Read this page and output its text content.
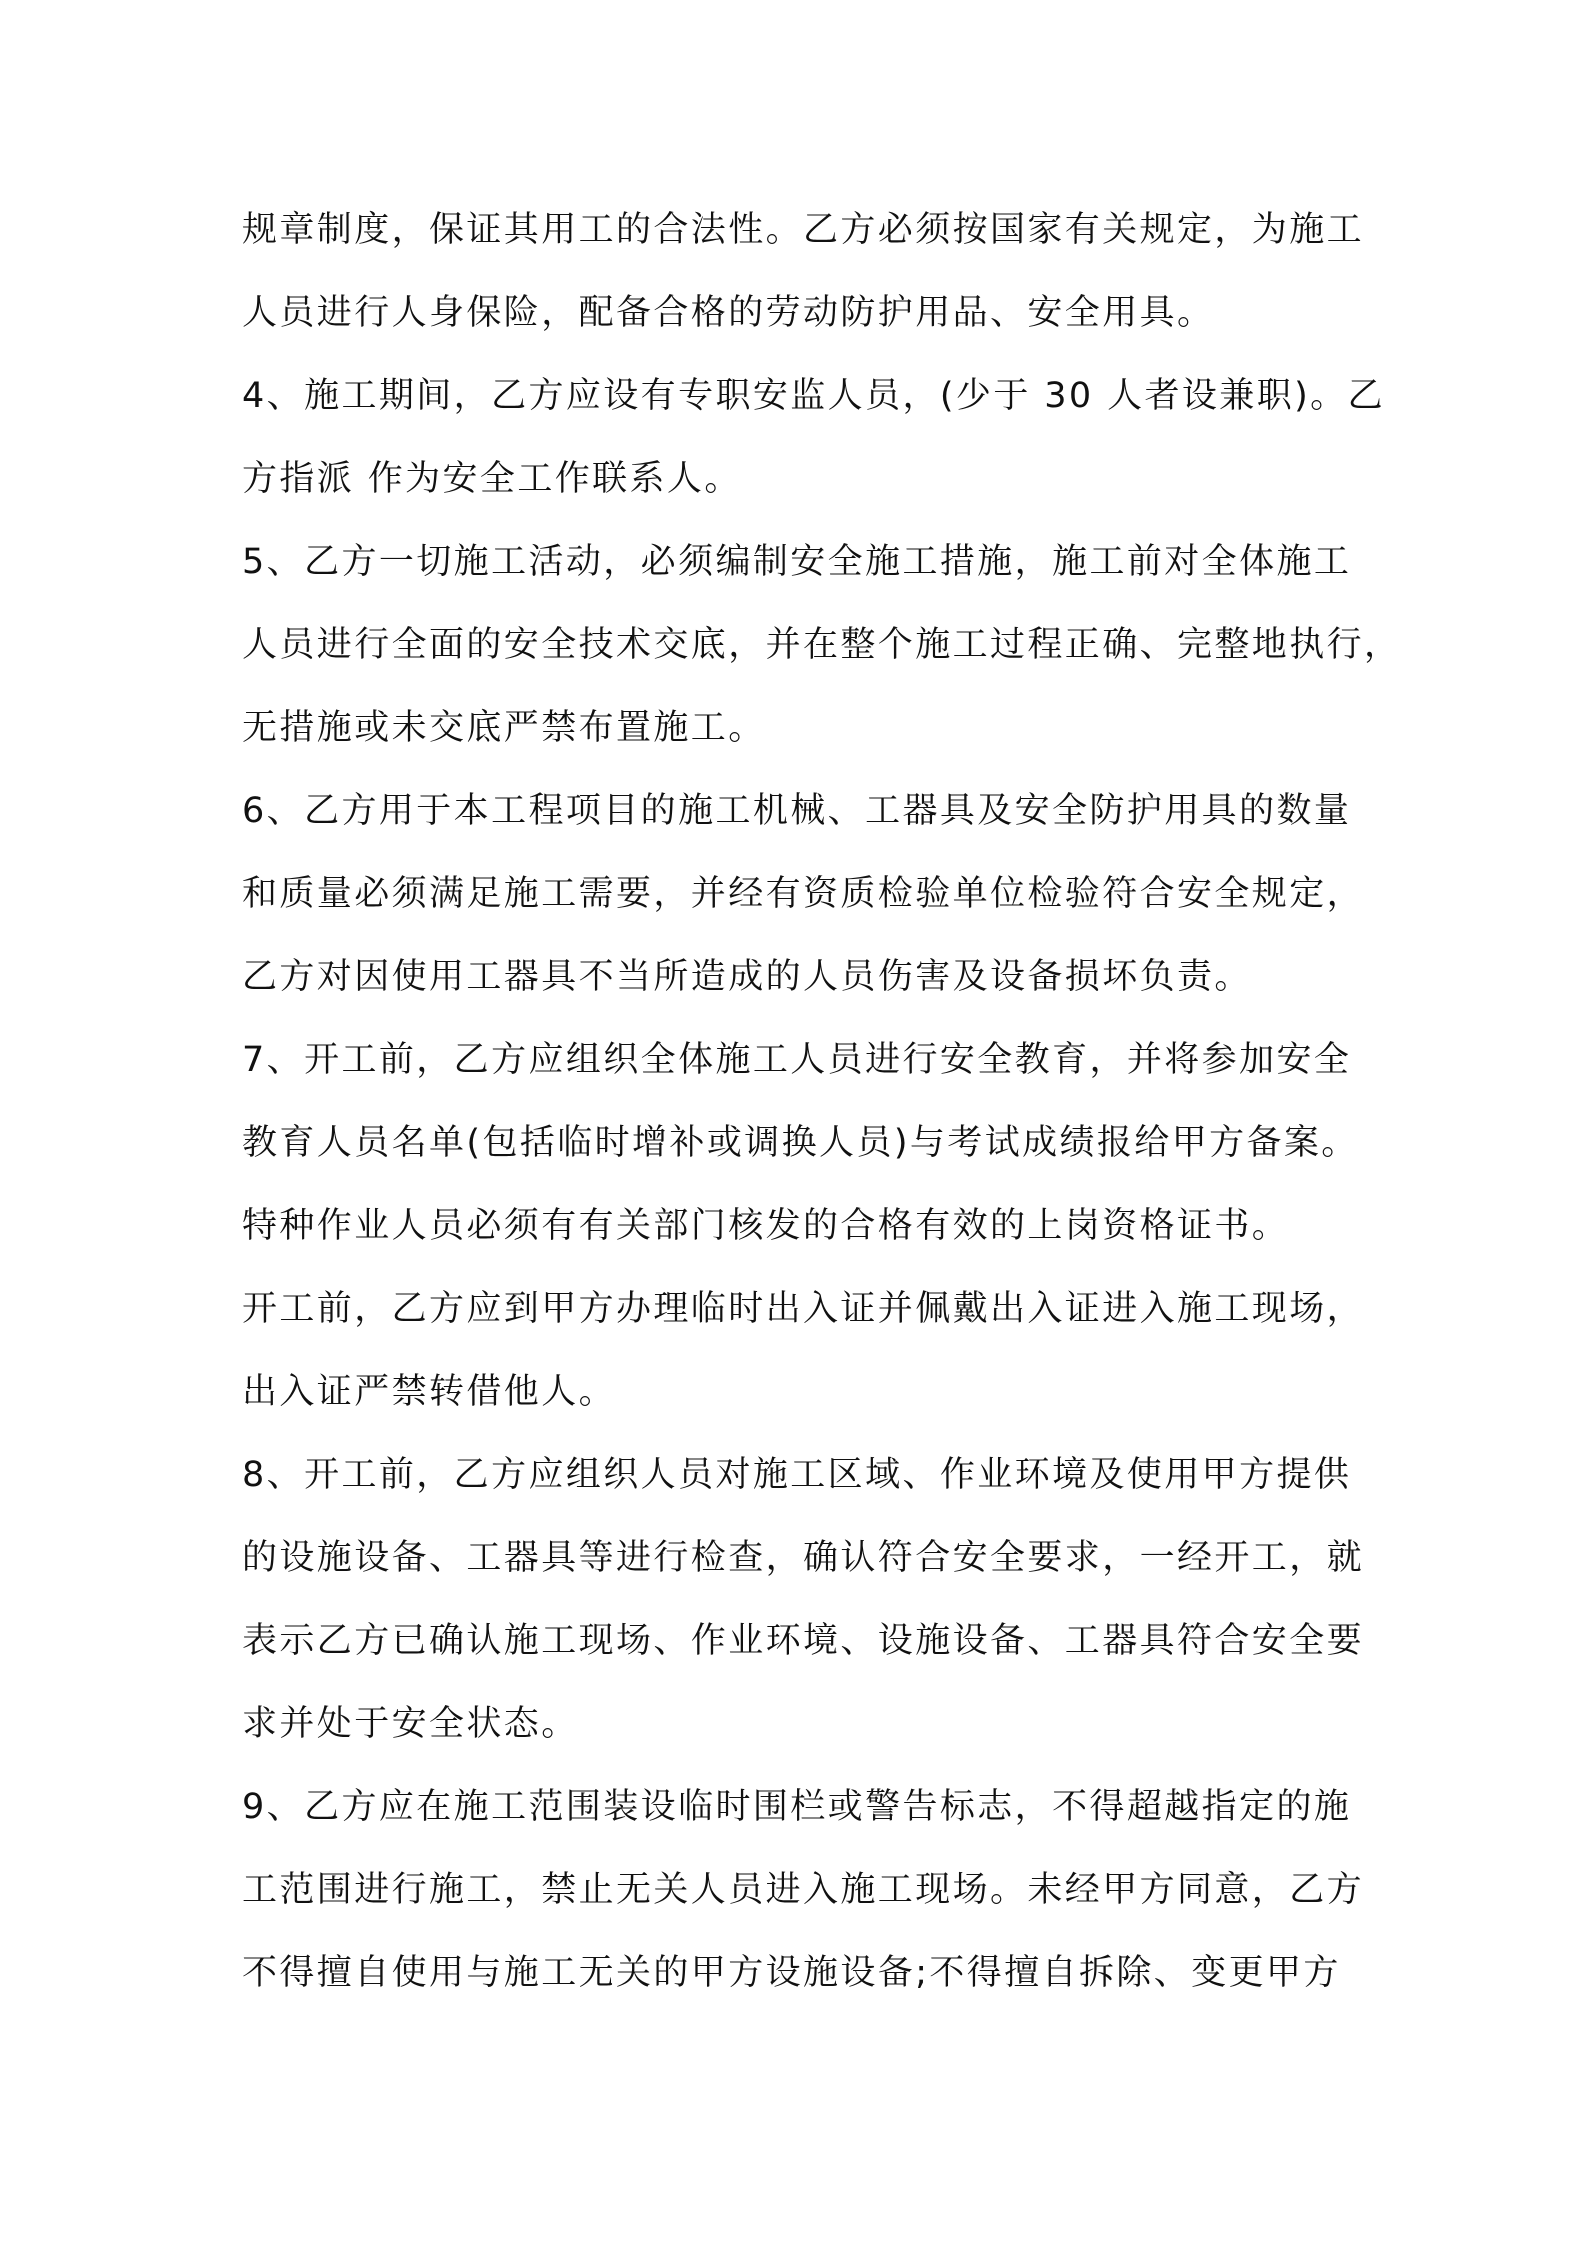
规章制度，保证其用工的合法性。乙方必须按国家有关规定，为施工
人员进行人身保险，配备合格的劳动防护用品、安全用具。
4、施工期间，乙方应设有专职安监人员，(少于 30 人者设兼职)。乙
方指派 作为安全工作联系人。
5、乙方一切施工活动，必须编制安全施工措施，施工前对全体施工
人员进行全面的安全技术交底，并在整个施工过程正确、完整地执行，
无措施或未交底严禁布置施工。
6、乙方用于本工程项目的施工机械、工器具及安全防护用具的数量
和质量必须满足施工需要，并经有资质检验单位检验符合安全规定，
乙方对因使用工器具不当所造成的人员伤害及设备损坏负责。
7、开工前，乙方应组织全体施工人员进行安全教育，并将参加安全
教育人员名单(包括临时增补或调换人员)与考试成绩报给甲方备案。
特种作业人员必须有有关部门核发的合格有效的上岗资格证书。
开工前，乙方应到甲方办理临时出入证并佩戴出入证进入施工现场，
出入证严禁转借他人。
8、开工前，乙方应组织人员对施工区域、作业环境及使用甲方提供
的设施设备、工器具等进行检查，确认符合安全要求，一经开工，就
表示乙方已确认施工现场、作业环境、设施设备、工器具符合安全要
求并处于安全状态。
9、乙方应在施工范围装设临时围栏或警告标志，不得超越指定的施
工范围进行施工，禁止无关人员进入施工现场。未经甲方同意，乙方
不得擅自使用与施工无关的甲方设施设备;不得擅自拆除、变更甲方
